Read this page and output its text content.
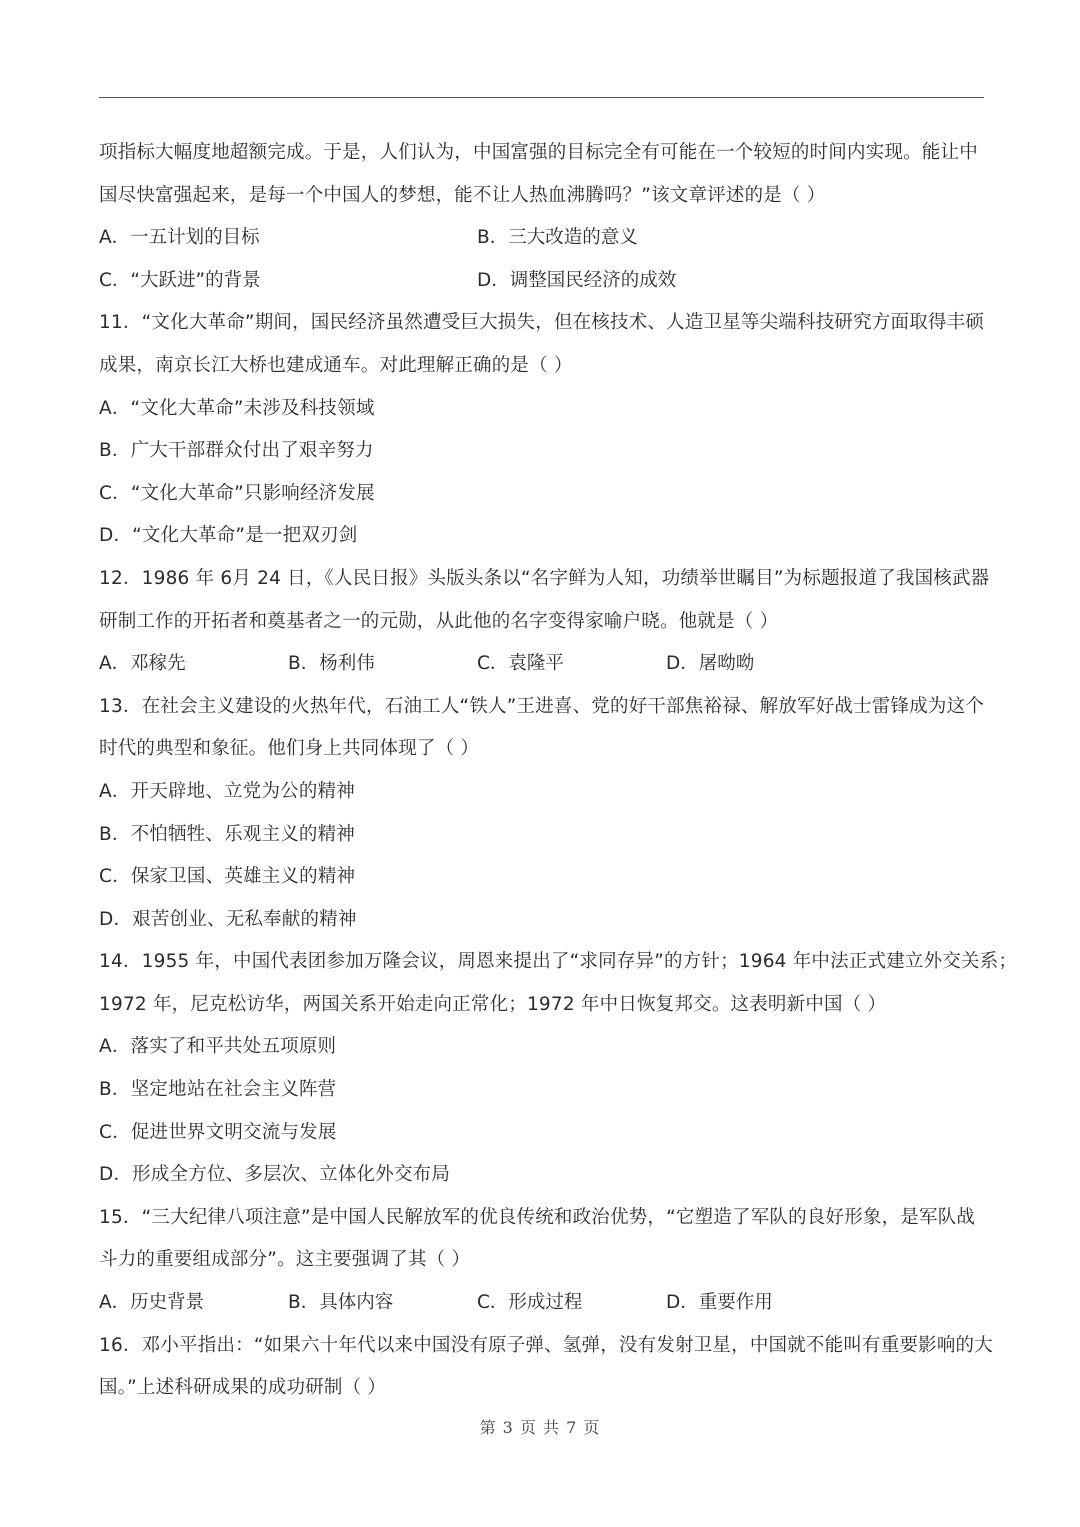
项指标大幅度地超额完成。于是，人们认为，中国富强的目标完全有可能在一个较短的时间内实现。能让中
国尽快富强起来，是每一个中国人的梦想，能不让人热血沸腾吗？”该文章评述的是（ ）
A．一五计划的目标	B．三大改造的意义
C．“大跃进”的背景	D．调整国民经济的成效
11．“文化大革命”期间，国民经济虽然遭受巨大损失，但在核技术、人造卫星等尖端科技研究方面取得丰硕
成果，南京长江大桥也建成通车。对此理解正确的是（ ）
A．“文化大革命”未涉及科技领域
B．广大干部群众付出了艰辛努力
C．“文化大革命”只影响经济发展
D．“文化大革命”是一把双刃剑
12．1986 年 6月 24 日，《人民日报》头版头条以“名字鲜为人知，功绩举世瞩目”为标题报道了我国核武器
研制工作的开拓者和奠基者之一的元勋，从此他的名字变得家喻户晓。他就是（ ）
A．邓稼先	B．杨利伟	C．袁隆平	D．屠呦呦
13．在社会主义建设的火热年代，石油工人“铁人”王进喜、党的好干部焦裕禄、解放军好战士雷锋成为这个
时代的典型和象征。他们身上共同体现了（ ）
A．开天辟地、立党为公的精神
B．不怕牺牲、乐观主义的精神
C．保家卫国、英雄主义的精神
D．艰苦创业、无私奉献的精神
14．1955 年，中国代表团参加万隆会议，周恩来提出了“求同存异”的方针；1964 年中法正式建立外交关系；
1972 年，尼克松访华，两国关系开始走向正常化；1972 年中日恢复邦交。这表明新中国（ ）
A．落实了和平共处五项原则
B．坚定地站在社会主义阵营
C．促进世界文明交流与发展
D．形成全方位、多层次、立体化外交布局
15．“三大纪律八项注意”是中国人民解放军的优良传统和政治优势，“它塑造了军队的良好形象，是军队战
斗力的重要组成部分”。这主要强调了其（ ）
A．历史背景	B．具体内容	C．形成过程	D．重要作用
16．邓小平指出：“如果六十年代以来中国没有原子弹、氢弹，没有发射卫星，中国就不能叫有重要影响的大
国。”上述科研成果的成功研制（ ）
第 3 页 共 7 页
